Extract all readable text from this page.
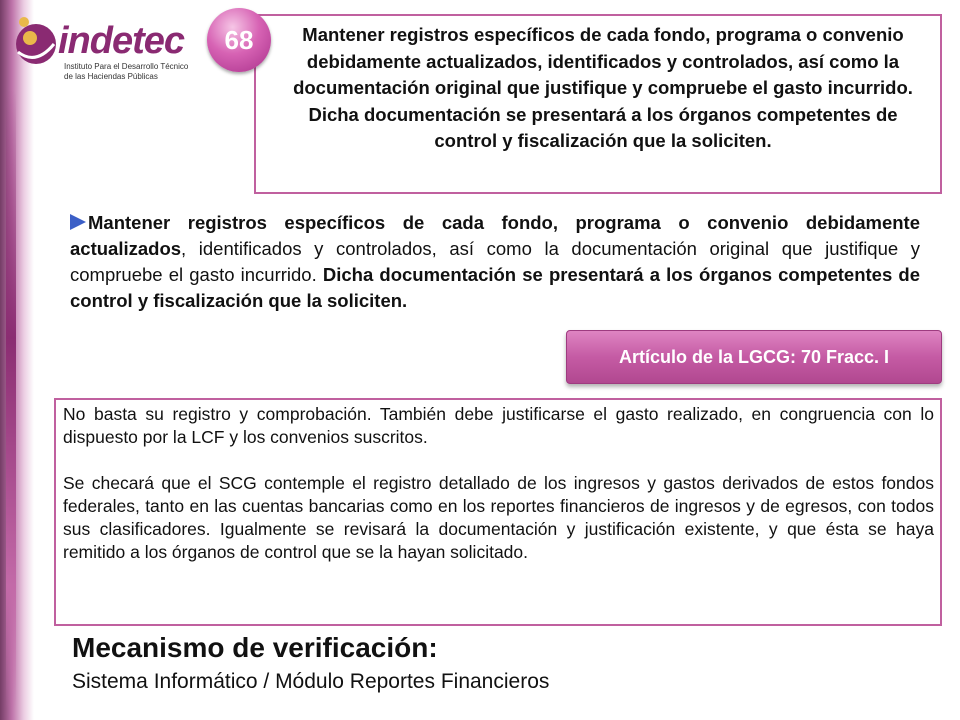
indetec
Instituto Para el Desarrollo Técnico
de las Haciendas Públicas
68	Mantener registros específicos de cada fondo, programa o convenio debidamente actualizados, identificados y controlados, así como la documentación original que justifique y compruebe el gasto incurrido. Dicha documentación se presentará a los órganos competentes de control y fiscalización que la soliciten.
Mantener registros específicos de cada fondo, programa o convenio debidamente actualizados, identificados y controlados, así como la documentación original que justifique y compruebe el gasto incurrido. Dicha documentación se presentará a los órganos competentes de control y fiscalización que la soliciten.
Artículo de la LGCG: 70 Fracc. I

No basta su registro y comprobación. También debe justificarse el gasto realizado, en congruencia con lo dispuesto por la LCF y los convenios suscritos.

Se checará que el SCG contemple el registro detallado de los ingresos y gastos derivados de estos fondos federales, tanto en las cuentas bancarias como en los reportes financieros de ingresos y de egresos, con todos sus clasificadores. Igualmente se revisará la documentación y justificación existente, y que ésta se haya remitido a los órganos de control que se la hayan solicitado.

Mecanismo de verificación:
Sistema Informático / Módulo Reportes Financieros
